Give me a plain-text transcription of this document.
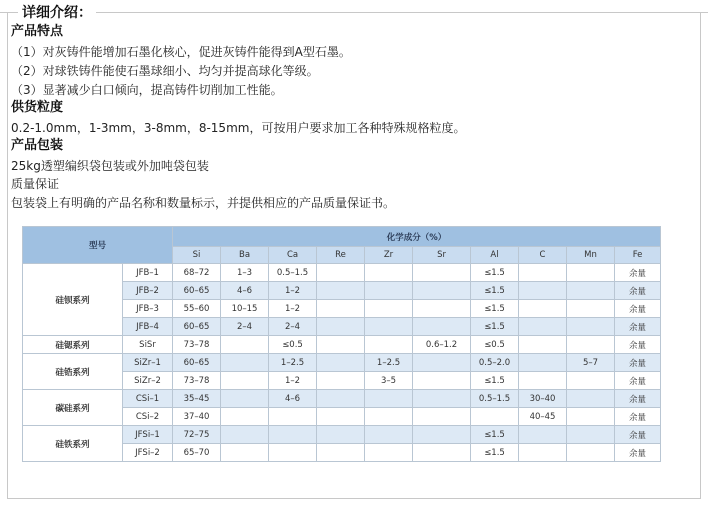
详细介绍：
产品特点
（1）对灰铸件能增加石墨化核心，促进灰铸件能得到A型石墨。
（2）对球铁铸件能使石墨球细小、均匀并提高球化等级。
（3）显著减少白口倾向，提高铸件切削加工性能。
供货粒度
0.2-1.0mm，1-3mm，3-8mm，8-15mm，可按用户要求加工各种特殊规格粒度。
产品包装
25kg透塑编织袋包装或外加吨袋包装
质量保证
包装袋上有明确的产品名称和数量标示，并提供相应的产品质量保证书。
型号		化学成分（%）									
		Si	Ba	Ca	Re	Zr	Sr	Al	C	Mn	Fe
硅钡系列	JFB–1	68–72	1–3	0.5–1.5				≤1.5			余量
	JFB–2	60–65	4–6	1–2				≤1.5			余量
	JFB–3	55–60	10–15	1–2				≤1.5			余量
	JFB–4	60–65	2–4	2–4				≤1.5			余量
硅锶系列	SiSr	73–78		≤0.5			0.6–1.2	≤0.5			余量
硅锆系列	SiZr–1	60–65		1–2.5		1–2.5		0.5–2.0		5–7	余量
	SiZr–2	73–78		1–2		3–5		≤1.5			余量
碳硅系列	CSi–1	35–45		4–6				0.5–1.5	30–40		余量
	CSi–2	37–40							40–45		余量
硅铁系列	JFSi–1	72–75						≤1.5			余量
	JFSi–2	65–70						≤1.5			余量
